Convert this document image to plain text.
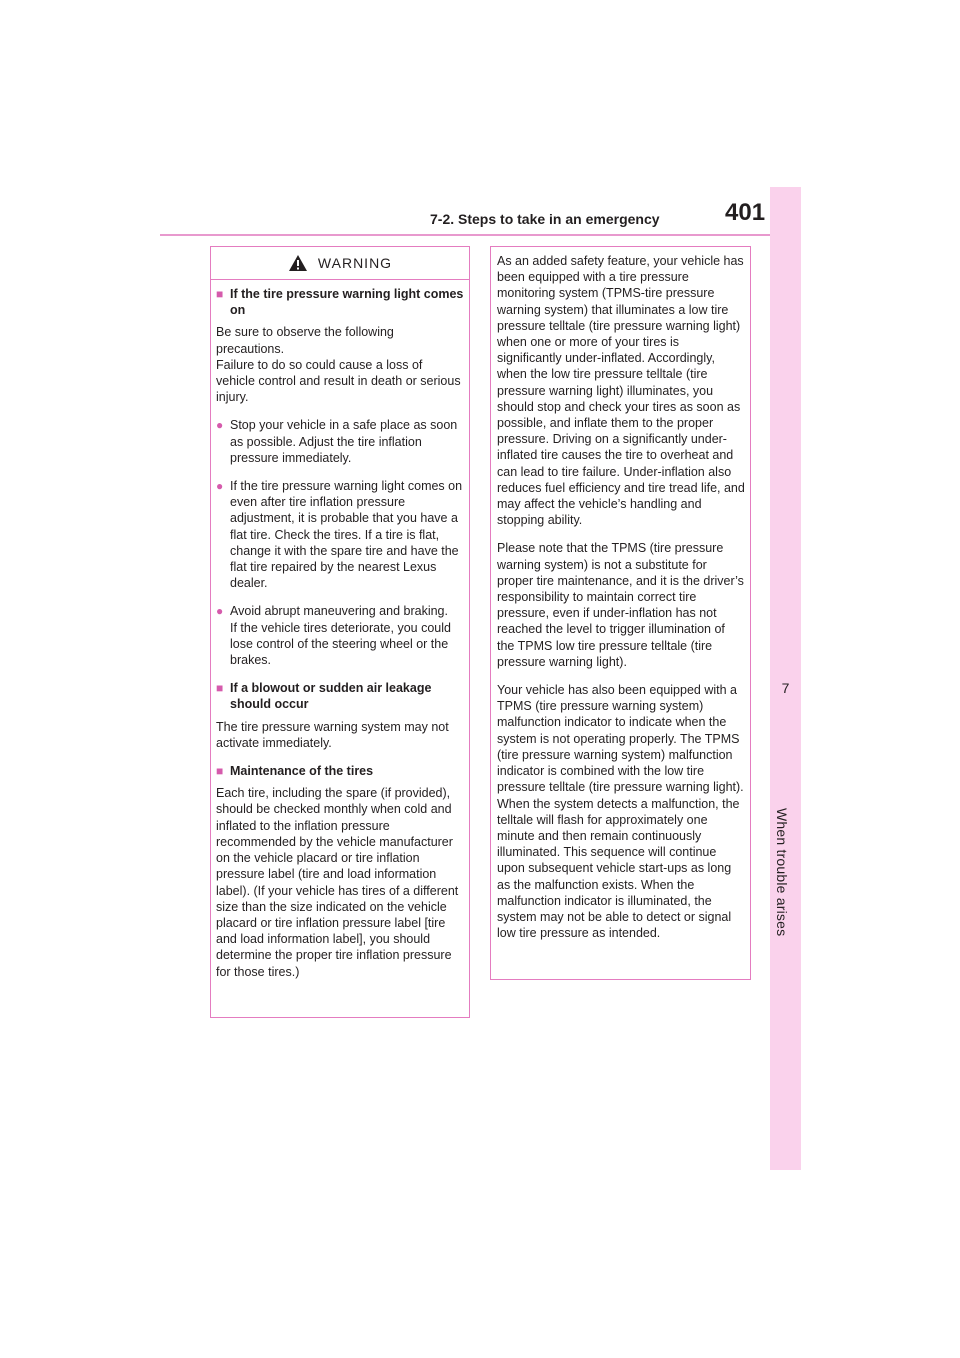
7
When trouble arises
7-2. Steps to take in an emergency	401
WARNING
■ If the tire pressure warning light comes on

Be sure to observe the following precautions.

Failure to do so could cause a loss of vehicle control and result in death or serious injury.

● Stop your vehicle in a safe place as soon as possible. Adjust the tire inflation pressure immediately.
● If the tire pressure warning light comes on even after tire inflation pressure adjustment, it is probable that you have a flat tire. Check the tires. If a tire is flat, change it with the spare tire and have the flat tire repaired by the nearest Lexus dealer.
● Avoid abrupt maneuvering and braking.
If the vehicle tires deteriorate, you could lose control of the steering wheel or the brakes.
■ If a blowout or sudden air leakage should occur

The tire pressure warning system may not activate immediately.

■ Maintenance of the tires

Each tire, including the spare (if provided), should be checked monthly when cold and inflated to the inflation pressure recommended by the vehicle manufacturer on the vehicle placard or tire inflation pressure label (tire and load information label). (If your vehicle has tires of a different size than the size indicated on the vehicle placard or tire inflation pressure label [tire and load information label], you should determine the proper tire inflation pressure for those tires.)

As an added safety feature, your vehicle has been equipped with a tire pressure monitoring system (TPMS-tire pressure warning system) that illuminates a low tire pressure telltale (tire pressure warning light) when one or more of your tires is significantly under-inflated. Accordingly, when the low tire pressure telltale (tire pressure warning light) illuminates, you should stop and check your tires as soon as possible, and inflate them to the proper pressure. Driving on a significantly under-inflated tire causes the tire to overheat and can lead to tire failure. Under-inflation also reduces fuel efficiency and tire tread life, and may affect the vehicle’s handling and stopping ability.

Please note that the TPMS (tire pressure warning system) is not a substitute for proper tire maintenance, and it is the driver’s responsibility to maintain correct tire pressure, even if under-inflation has not reached the level to trigger illumination of the TPMS low tire pressure telltale (tire pressure warning light).

Your vehicle has also been equipped with a TPMS (tire pressure warning system) malfunction indicator to indicate when the system is not operating properly. The TPMS (tire pressure warning system) malfunction indicator is combined with the low tire pressure telltale (tire pressure warning light). When the system detects a malfunction, the telltale will flash for approximately one minute and then remain continuously illuminated. This sequence will continue upon subsequent vehicle start-ups as long as the malfunction exists. When the malfunction indicator is illuminated, the system may not be able to detect or signal low tire pressure as intended.
